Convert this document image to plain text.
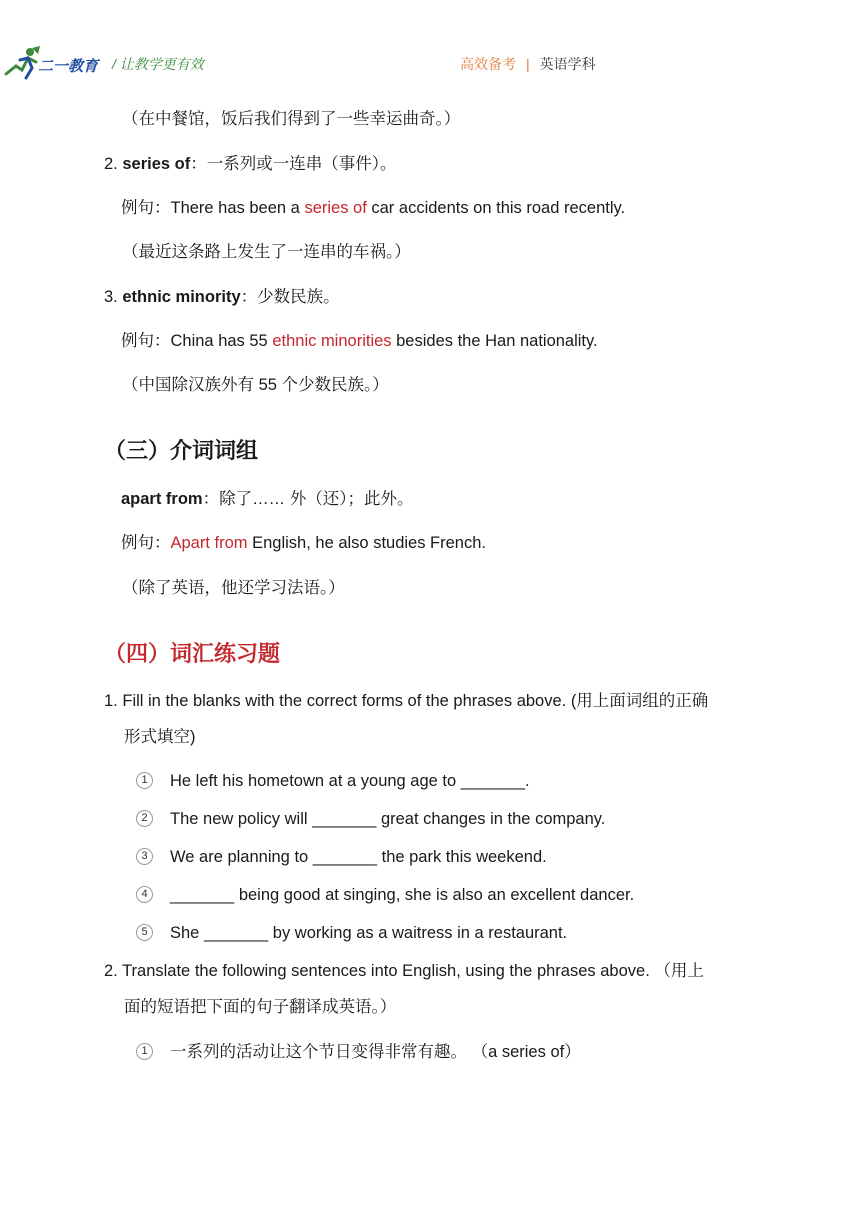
二一教育 / 让教学更有效	高效备考 | 英语学科
（在中餐馆，饭后我们得到了一些幸运曲奇。）
2. series of：一系列或一连串（事件）。
例句：There has been a series of car accidents on this road recently.
（最近这条路上发生了一连串的车祸。）
3. ethnic minority：少数民族。
例句：China has 55 ethnic minorities besides the Han nationality.
（中国除汉族外有 55 个少数民族。）
（三）介词词组
apart from：除了…… 外（还）；此外。
例句：Apart from English, he also studies French.
（除了英语，他还学习法语。）
（四）词汇练习题
1. Fill in the blanks with the correct forms of the phrases above. (用上面词组的正确
形式填空)
1	He left his hometown at a young age to _______.
2	The new policy will _______ great changes in the company.
3	We are planning to _______ the park this weekend.
4	_______ being good at singing, she is also an excellent dancer.
5	She _______ by working as a waitress in a restaurant.
2. Translate the following sentences into English, using the phrases above. （用上
面的短语把下面的句子翻译成英语。）
1	一系列的活动让这个节日变得非常有趣。 （a series of）
